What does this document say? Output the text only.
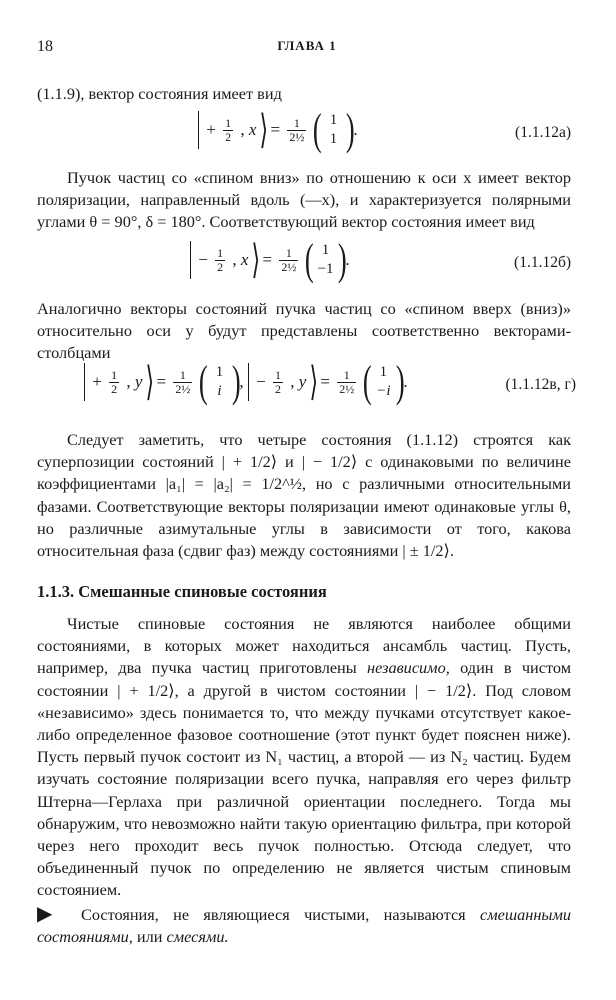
18	ГЛАВА 1

(1.1.9), вектор состояния имеет вид

+ $\frac{1}{2}$ , x ⟩ = $\frac{1}{\text{2½}}$ ( 1
1 ).	(1.1.12а)

Пучок частиц со «спином вниз» по отношению к оси x имеет вектор поляризации, направленный вдоль (—x), и характеризуется полярными углами θ = 90°, δ = 180°. Соответствующий вектор состояния имеет вид

− $\frac{1}{2}$ , x ⟩ = $\frac{1}{\text{2½}}$ ( 1
−1 ).	(1.1.12б)

Аналогично векторы состояний пучка частиц со «спином вверх (вниз)» относительно оси y будут представлены соответственно векторами-столбцами

+ $\frac{1}{2}$ , y ⟩ = $\frac{1}{\text{2½}}$ ( 1
i ), − $\frac{1}{2}$ , y ⟩ = $\frac{1}{\text{2½}}$ ( 1
−i ).	(1.1.12в, г)

Следует заметить, что четыре состояния (1.1.12) строятся как суперпозиции состояний | + 1/2⟩ и | − 1/2⟩ с одинаковыми по величине коэффициентами |a₁| = |a₂| = 1/2^½, но с различными относительными фазами. Соответствующие векторы поляризации имеют одинаковые углы θ, но различные азимутальные углы в зависимости от того, какова относительная фаза (сдвиг фаз) между состояниями | ± 1/2⟩.

1.1.3. Смешанные спиновые состояния

Чистые спиновые состояния не являются наиболее общими состояниями, в которых может находиться ансамбль частиц. Пусть, например, два пучка частиц приготовлены независимо, один в чистом состоянии | + 1/2⟩, а другой в чистом состоянии | − 1/2⟩. Под словом «независимо» здесь понимается то, что между пучками отсутствует какое-либо определенное фазовое соотношение (этот пункт будет пояснен ниже). Пусть первый пучок состоит из N₁ частиц, а второй — из N₂ частиц. Будем изучать состояние поляризации всего пучка, направляя его через фильтр Штерна—Герлаха при различной ориентации последнего. Тогда мы обнаружим, что невозможно найти такую ориентацию фильтра, при которой через него проходит весь пучок полностью. Отсюда следует, что объединенный пучок по определению не является чистым спиновым состоянием.

▶ Состояния, не являющиеся чистыми, называются смешанными состояниями, или смесями.
